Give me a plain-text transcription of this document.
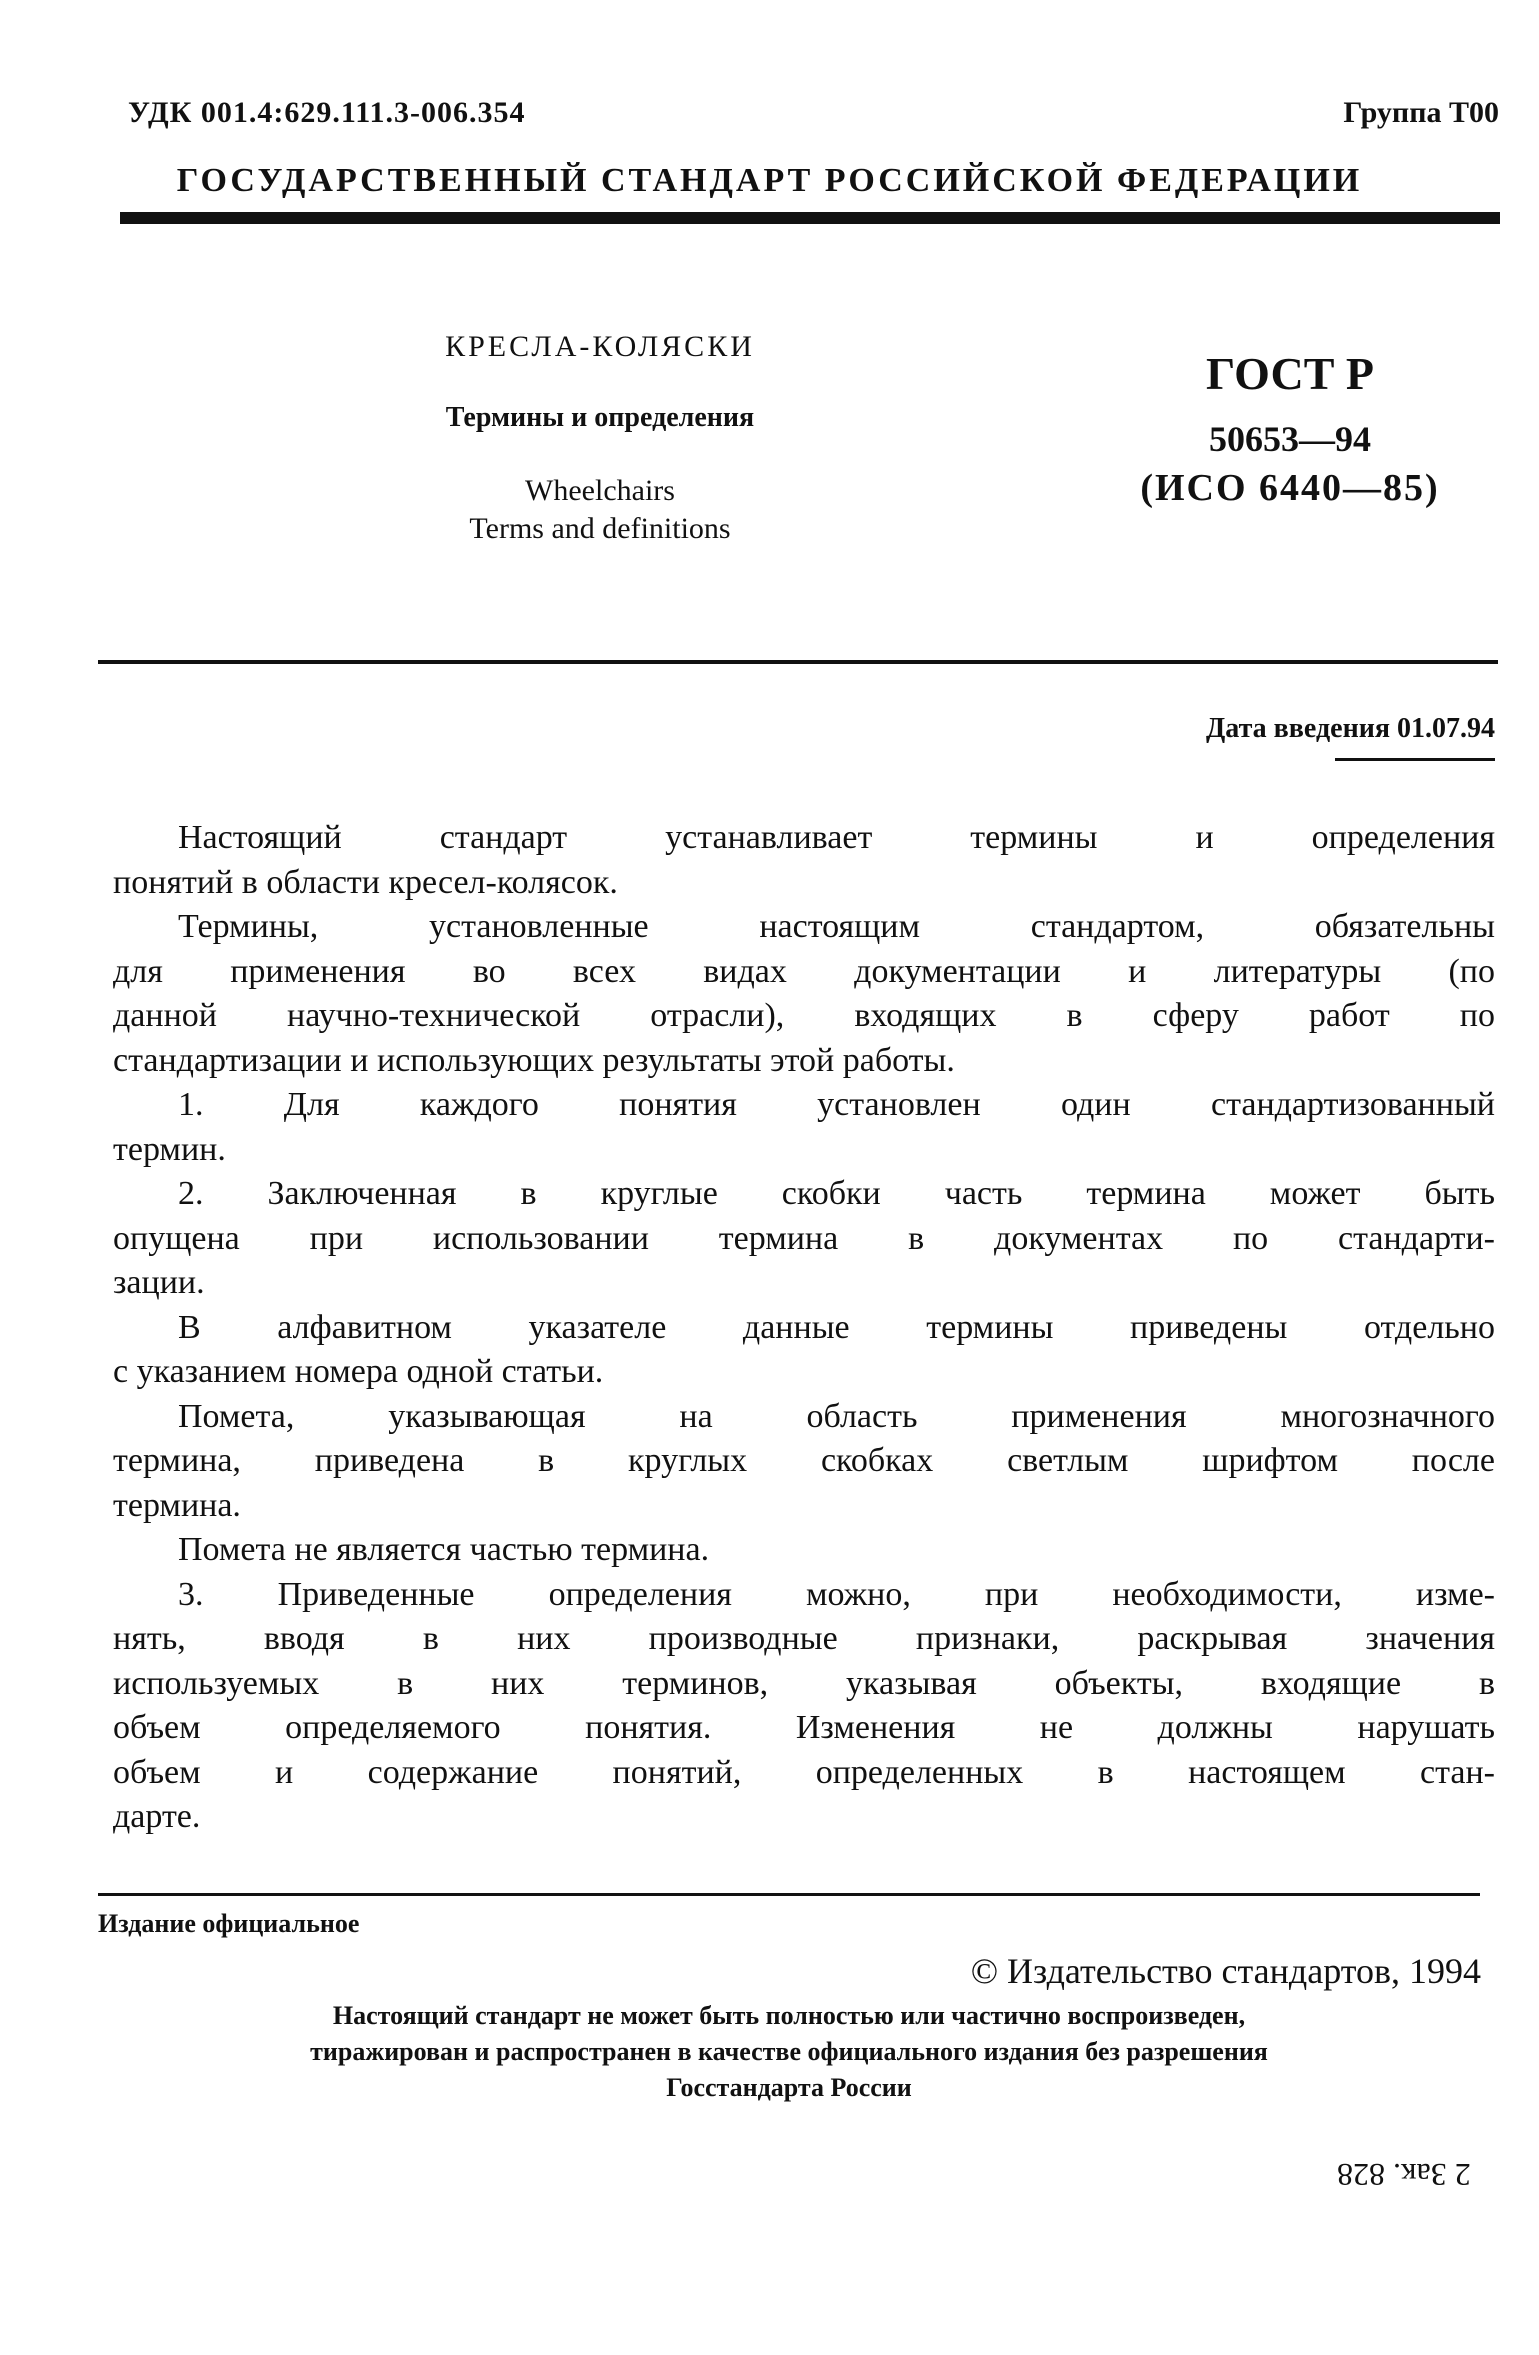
УДК 001.4:629.111.3-006.354	Группа Т00
ГОСУДАРСТВЕННЫЙ СТАНДАРТ РОССИЙСКОЙ ФЕДЕРАЦИИ
КРЕСЛА-КОЛЯСКИ
Термины и определения
Wheelchairs
Terms and definitions
ГОСТ Р
50653—94
(ИСО 6440—85)
Дата введения 01.07.94
Настоящий стандарт устанавливает термины и определения
понятий в области кресел-колясок.
Термины, установленные настоящим стандартом, обязательны
для применения во всех видах документации и литературы (по
данной научно-технической отрасли), входящих в сферу работ по
стандартизации и использующих результаты этой работы.
1. Для каждого понятия установлен один стандартизованный
термин.
2. Заключенная в круглые скобки часть термина может быть
опущена при использовании термина в документах по стандарти-
зации.
В алфавитном указателе данные термины приведены отдельно
с указанием номера одной статьи.
Помета, указывающая на область применения многозначного
термина, приведена в круглых скобках светлым шрифтом после
термина.
Помета не является частью термина.
3. Приведенные определения можно, при необходимости, изме-
нять, вводя в них производные признаки, раскрывая значения
используемых в них терминов, указывая объекты, входящие в
объем определяемого понятия. Изменения не должны нарушать
объем и содержание понятий, определенных в настоящем стан-
дарте.
Издание официальное
© Издательство стандартов, 1994
Настоящий стандарт не может быть полностью или частично воспроизведен,
тиражирован и распространен в качестве официального издания без разрешения
Госстандарта России
2 Зак. 828
